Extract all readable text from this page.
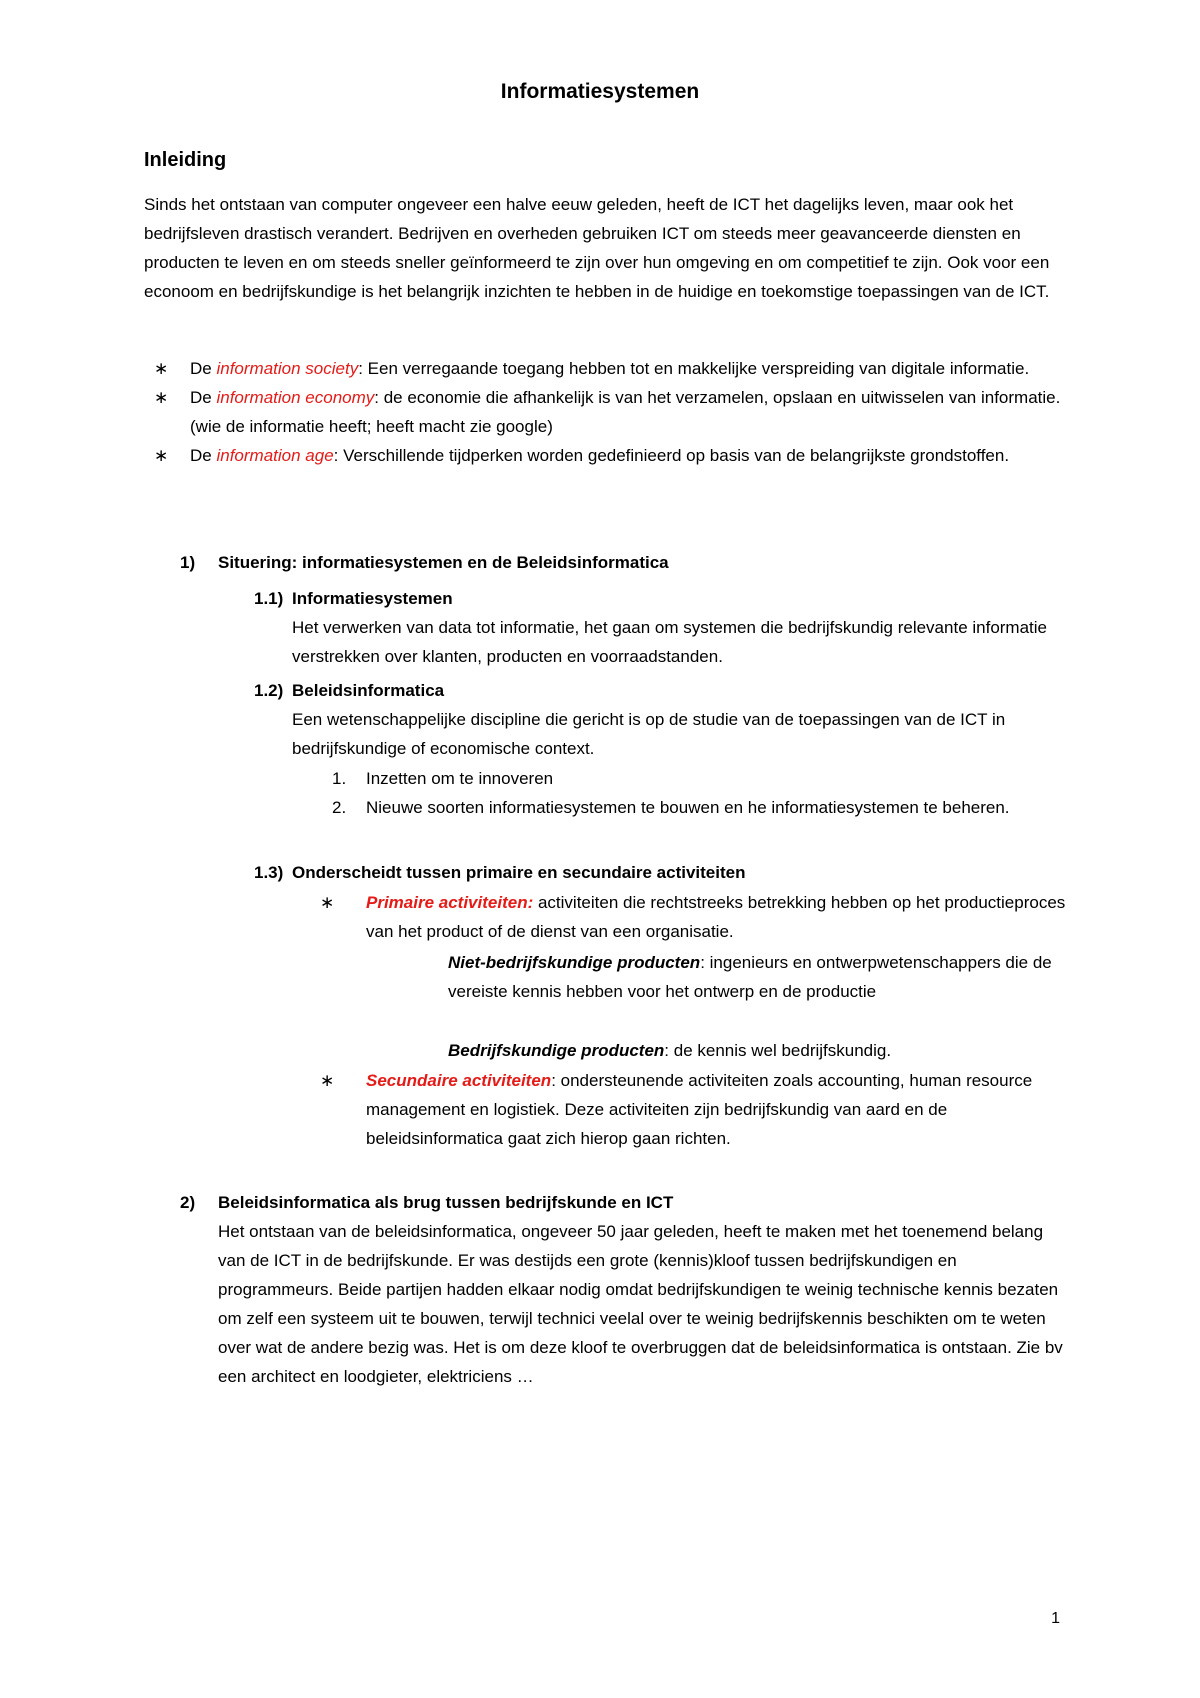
Informatiesystemen
Inleiding

Sinds het ontstaan van computer ongeveer een halve eeuw geleden, heeft de ICT het dagelijks leven, maar ook het bedrijfsleven drastisch verandert. Bedrijven en overheden gebruiken ICT om steeds meer geavanceerde diensten en producten te leven en om steeds sneller geïnformeerd te zijn over hun omgeving en om competitief te zijn. Ook voor een econoom en bedrijfskundige is het belangrijk inzichten te hebben in de huidige en toekomstige toepassingen van de ICT.

∗	De information society: Een verregaande toegang hebben tot en makkelijke verspreiding van digitale informatie.
∗	De information economy: de economie die afhankelijk is van het verzamelen, opslaan en uitwisselen van informatie. (wie de informatie heeft; heeft macht zie google)
∗	De information age: Verschillende tijdperken worden gedefinieerd op basis van de belangrijkste grondstoffen.
1) Situering: informatiesystemen en de Beleidsinformatica
1.1) Informatiesystemen
Het verwerken van data tot informatie, het gaan om systemen die bedrijfskundig relevante informatie verstrekken over klanten, producten en voorraadstanden.
1.2) Beleidsinformatica
Een wetenschappelijke discipline die gericht is op de studie van de toepassingen van de ICT in bedrijfskundige of economische context.
1. Inzetten om te innoveren
2. Nieuwe soorten informatiesystemen te bouwen en he informatiesystemen te beheren.
1.3) Onderscheidt tussen primaire en secundaire activiteiten
∗ Primaire activiteiten: activiteiten die rechtstreeks betrekking hebben op het productieproces van het product of de dienst van een organisatie.
Niet-bedrijfskundige producten: ingenieurs en ontwerpwetenschappers die de vereiste kennis hebben voor het ontwerp en de productie
Bedrijfskundige producten: de kennis wel bedrijfskundig.
∗ Secundaire activiteiten: ondersteunende activiteiten zoals accounting, human resource management en logistiek. Deze activiteiten zijn bedrijfskundig van aard en de beleidsinformatica gaat zich hierop gaan richten.
2) Beleidsinformatica als brug tussen bedrijfskunde en ICT
Het ontstaan van de beleidsinformatica, ongeveer 50 jaar geleden, heeft te maken met het toenemend belang van de ICT in de bedrijfskunde. Er was destijds een grote (kennis)kloof tussen bedrijfskundigen en programmeurs. Beide partijen hadden elkaar nodig omdat bedrijfskundigen te weinig technische kennis bezaten om zelf een systeem uit te bouwen, terwijl technici veelal over te weinig bedrijfskennis beschikten om te weten over wat de andere bezig was. Het is om deze kloof te overbruggen dat de beleidsinformatica is ontstaan. Zie bv een architect en loodgieter, elektriciens …
1
